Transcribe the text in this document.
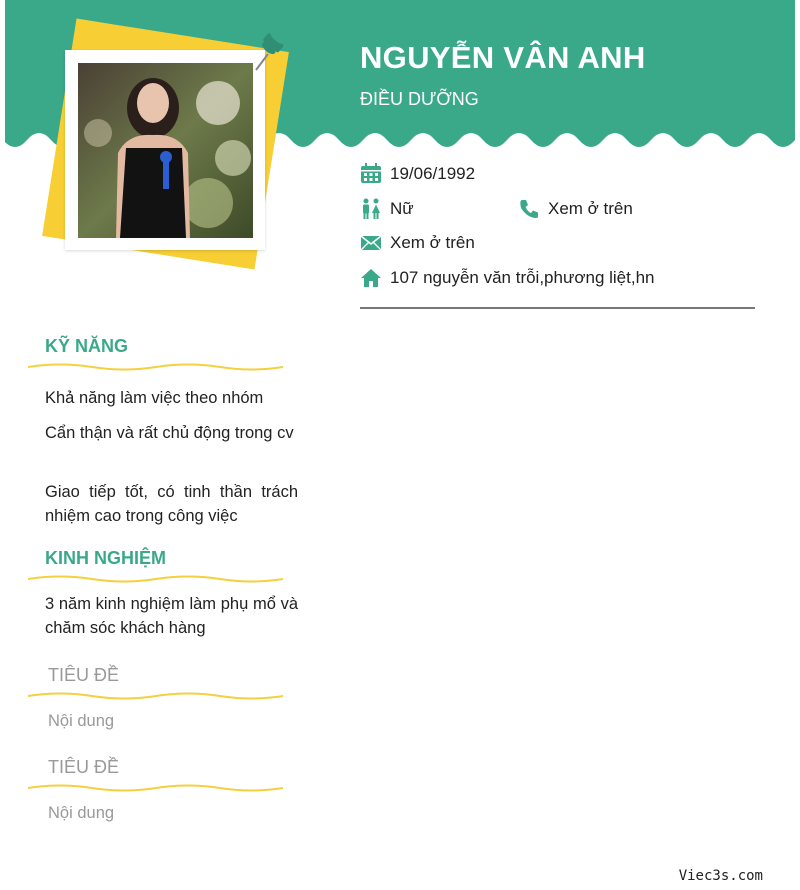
NGUYỄN VÂN ANH
ĐIỀU DƯỠNG
19/06/1992
Nữ	Xem ở trên
Xem ở trên
107 nguyễn văn trỗi,phương liệt,hn
KỸ NĂNG
Khả năng làm việc theo nhóm
Cẩn thận và rất chủ động trong cv
Giao tiếp tốt, có tinh thần trách nhiệm cao trong công việc
KINH NGHIỆM
3 năm kinh nghiệm làm phụ mổ và chăm sóc khách hàng
TIÊU ĐỀ
Nội dung
TIÊU ĐỀ
Nội dung
Viec3s.com
